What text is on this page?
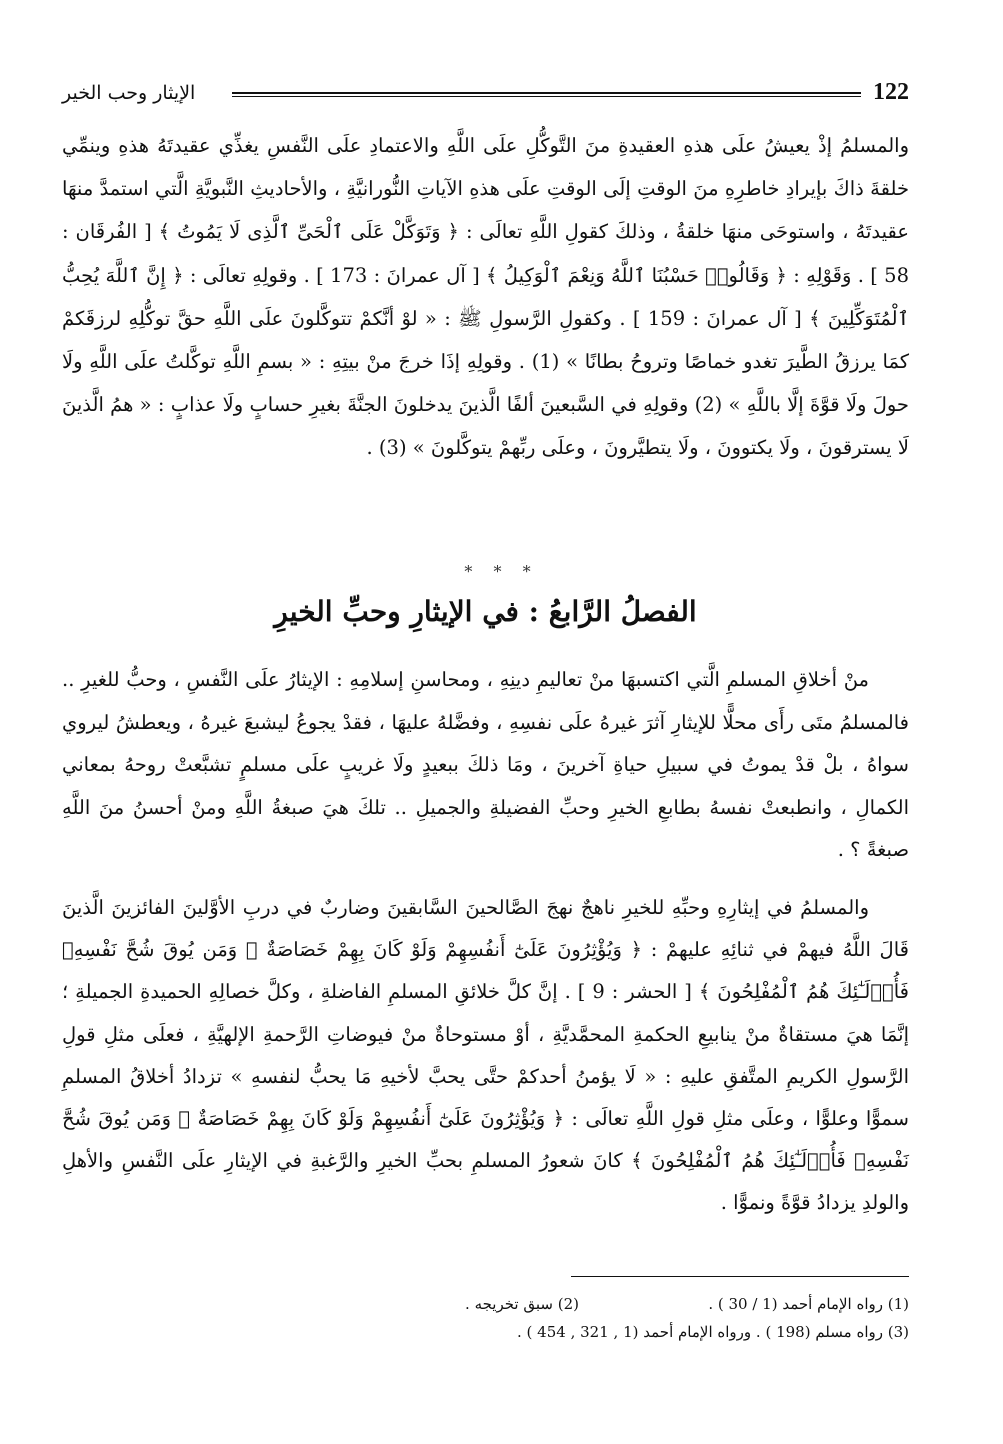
الإيثار وحب الخير	122

والمسلمُ إذْ يعيشُ علَى هذهِ العقيدةِ منَ التَّوكُّلِ علَى اللَّهِ والاعتمادِ علَى النَّفسِ يغذِّي عقيدتَهُ هذهِ وينمِّي خلقةَ ذاكَ بإيرادِ خاطرِهِ منَ الوقتِ إلَى الوقتِ علَى هذهِ الآياتِ النُّورانيَّةِ ، والأحاديثِ النَّبويَّةِ الَّتي استمدَّ منهَا عقيدتَهُ ، واستوحَى منهَا خلقةُ ، وذلكَ كقولِ اللَّهِ تعالَى : ﴿ وَتَوَكَّلْ عَلَى ٱلْحَىِّ ٱلَّذِى لَا يَمُوتُ ﴾ [ الفُرقَان : 58 ] . وَقَوْلِهِ : ﴿ وَقَالُوا۟ حَسْبُنَا ٱللَّهُ وَنِعْمَ ٱلْوَكِيلُ ﴾ [ آل عمرانَ : 173 ] . وقولِهِ تعالَى : ﴿ إِنَّ ٱللَّهَ يُحِبُّ ٱلْمُتَوَكِّلِينَ ﴾ [ آل عمرانَ : 159 ] . وكقولِ الرَّسولِ ﷺ : « لوْ أنَّكمْ تتوكَّلونَ علَى اللَّهِ حقَّ توكُّلِهِ لرزقَكمْ كمَا يرزقُ الطَّيرَ تغدو خماصًا وتروحُ بطانًا » (1) . وقولِهِ إذَا خرجَ منْ بيتِهِ : « بسمِ اللَّهِ توكَّلتُ علَى اللَّهِ ولَا حولَ ولَا قوَّةَ إلَّا باللَّهِ » (2) وقولِهِ في السَّبعينَ ألفًا الَّذينَ يدخلونَ الجنَّةَ بغيرِ حسابٍ ولَا عذابٍ : « همُ الَّذينَ لَا يسترقونَ ، ولَا يكتوونَ ، ولَا يتطيَّرونَ ، وعلَى ربِّهمْ يتوكَّلونَ » (3) .

* * *
الفصلُ الرَّابعُ : في الإيثارِ وحبِّ الخيرِ

منْ أخلاقِ المسلمِ الَّتي اكتسبهَا منْ تعاليمِ دينِهِ ، ومحاسنِ إسلامِهِ : الإيثارُ علَى النَّفسِ ، وحبُّ للغيرِ .. فالمسلمُ متَى رأَى محلًّا للإيثارِ آثرَ غيرهُ علَى نفسِهِ ، وفضَّلهُ عليهَا ، فقدْ يجوعُ ليشبعَ غيرهُ ، ويعطشُ ليروي سواهُ ، بلْ قدْ يموتُ في سبيلِ حياةِ آخرينَ ، ومَا ذلكَ ببعيدٍ ولَا غريبٍ علَى مسلمٍ تشبَّعتْ روحهُ بمعاني الكمالِ ، وانطبعتْ نفسهُ بطابعِ الخيرِ وحبِّ الفضيلةِ والجميلِ .. تلكَ هيَ صبغةُ اللَّهِ ومنْ أحسنُ منَ اللَّهِ صبغةً ؟ .

والمسلمُ في إيثارِهِ وحبِّهِ للخيرِ ناهجٌ نهجَ الصَّالحينَ السَّابقينَ وضاربٌ في دربِ الأوَّلينَ الفائزينَ الَّذينَ قَالَ اللَّهُ فيهمْ في ثنائِهِ عليهمْ : ﴿ وَيُؤْثِرُونَ عَلَىٰٓ أَنفُسِهِمْ وَلَوْ كَانَ بِهِمْ خَصَاصَةٌ ۚ وَمَن يُوقَ شُحَّ نَفْسِهِۦ فَأُو۟لَـٰٓئِكَ هُمُ ٱلْمُفْلِحُونَ ﴾ [ الحشر : 9 ] . إنَّ كلَّ خلائقِ المسلمِ الفاضلةِ ، وكلَّ خصالِهِ الحميدةِ الجميلةِ ؛ إنَّمَا هيَ مستقاةٌ منْ ينابيعِ الحكمةِ المحمَّديَّةِ ، أوْ مستوحاةٌ منْ فيوضاتِ الرَّحمةِ الإلهيَّةِ ، فعلَى مثلِ قولِ الرَّسولِ الكريمِ المتَّفقِ عليهِ : « لَا يؤمنُ أحدكمْ حتَّى يحبَّ لأخيهِ مَا يحبُّ لنفسهِ » تزدادُ أخلاقُ المسلمِ سموًّا وعلوًّا ، وعلَى مثلِ قولِ اللَّهِ تعالَى : ﴿ وَيُؤْثِرُونَ عَلَىٰٓ أَنفُسِهِمْ وَلَوْ كَانَ بِهِمْ خَصَاصَةٌ ۚ وَمَن يُوقَ شُحَّ نَفْسِهِۦ فَأُو۟لَـٰٓئِكَ هُمُ ٱلْمُفْلِحُونَ ﴾ كانَ شعورُ المسلمِ بحبِّ الخيرِ والرَّغبةِ في الإيثارِ علَى النَّفسِ والأهلِ والولدِ يزدادُ قوَّةً ونموًّا .

(1) رواه الإمام أحمد (1 / 30 ) .
(2) سبق تخريجه .
(3) رواه مسلم (198 ) . ورواه الإمام أحمد (1 , 321 , 454 ) .
